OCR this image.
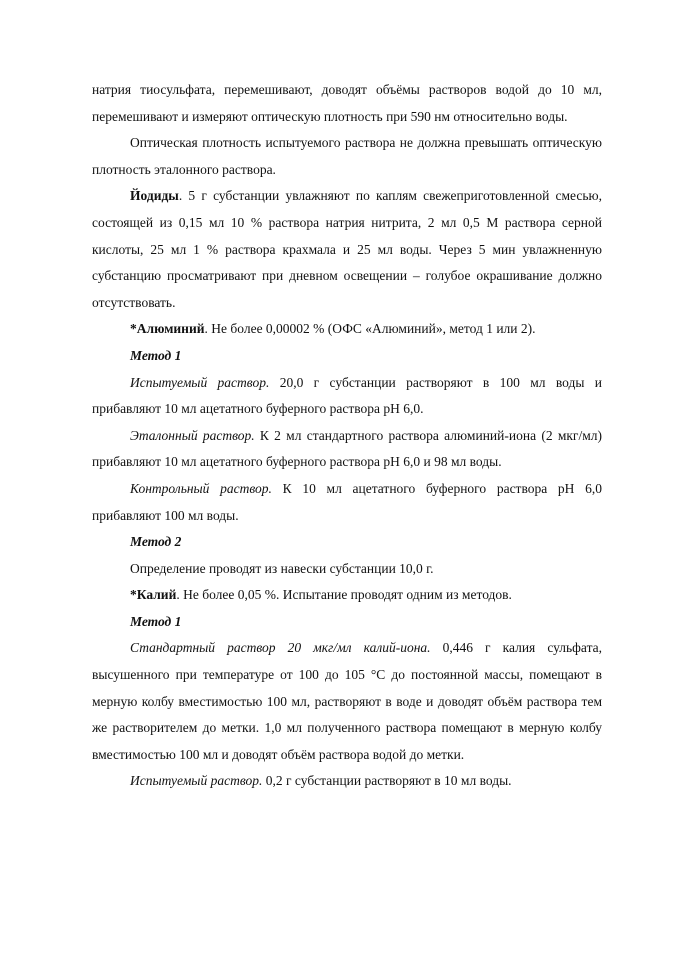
натрия тиосульфата, перемешивают, доводят объёмы растворов водой до 10 мл, перемешивают и измеряют оптическую плотность при 590 нм относительно воды.

Оптическая плотность испытуемого раствора не должна превышать оптическую плотность эталонного раствора.

Йодиды. 5 г субстанции увлажняют по каплям свежеприготовленной смесью, состоящей из 0,15 мл 10 % раствора натрия нитрита, 2 мл 0,5 М раствора серной кислоты, 25 мл 1 % раствора крахмала и 25 мл воды. Через 5 мин увлажненную субстанцию просматривают при дневном освещении – голубое окрашивание должно отсутствовать.

*Алюминий. Не более 0,00002 % (ОФС «Алюминий», метод 1 или 2).

Метод 1

Испытуемый раствор. 20,0 г субстанции растворяют в 100 мл воды и прибавляют 10 мл ацетатного буферного раствора pH 6,0.

Эталонный раствор. К 2 мл стандартного раствора алюминий-иона (2 мкг/мл) прибавляют 10 мл ацетатного буферного раствора pH 6,0 и 98 мл воды.

Контрольный раствор. К 10 мл ацетатного буферного раствора pH 6,0 прибавляют 100 мл воды.

Метод 2

Определение проводят из навески субстанции 10,0 г.

*Калий. Не более 0,05 %. Испытание проводят одним из методов.

Метод 1

Стандартный раствор 20 мкг/мл калий-иона. 0,446 г калия сульфата, высушенного при температуре от 100 до 105 °С до постоянной массы, помещают в мерную колбу вместимостью 100 мл, растворяют в воде и доводят объём раствора тем же растворителем до метки. 1,0 мл полученного раствора помещают в мерную колбу вместимостью 100 мл и доводят объём раствора водой до метки.

Испытуемый раствор. 0,2 г субстанции растворяют в 10 мл воды.
